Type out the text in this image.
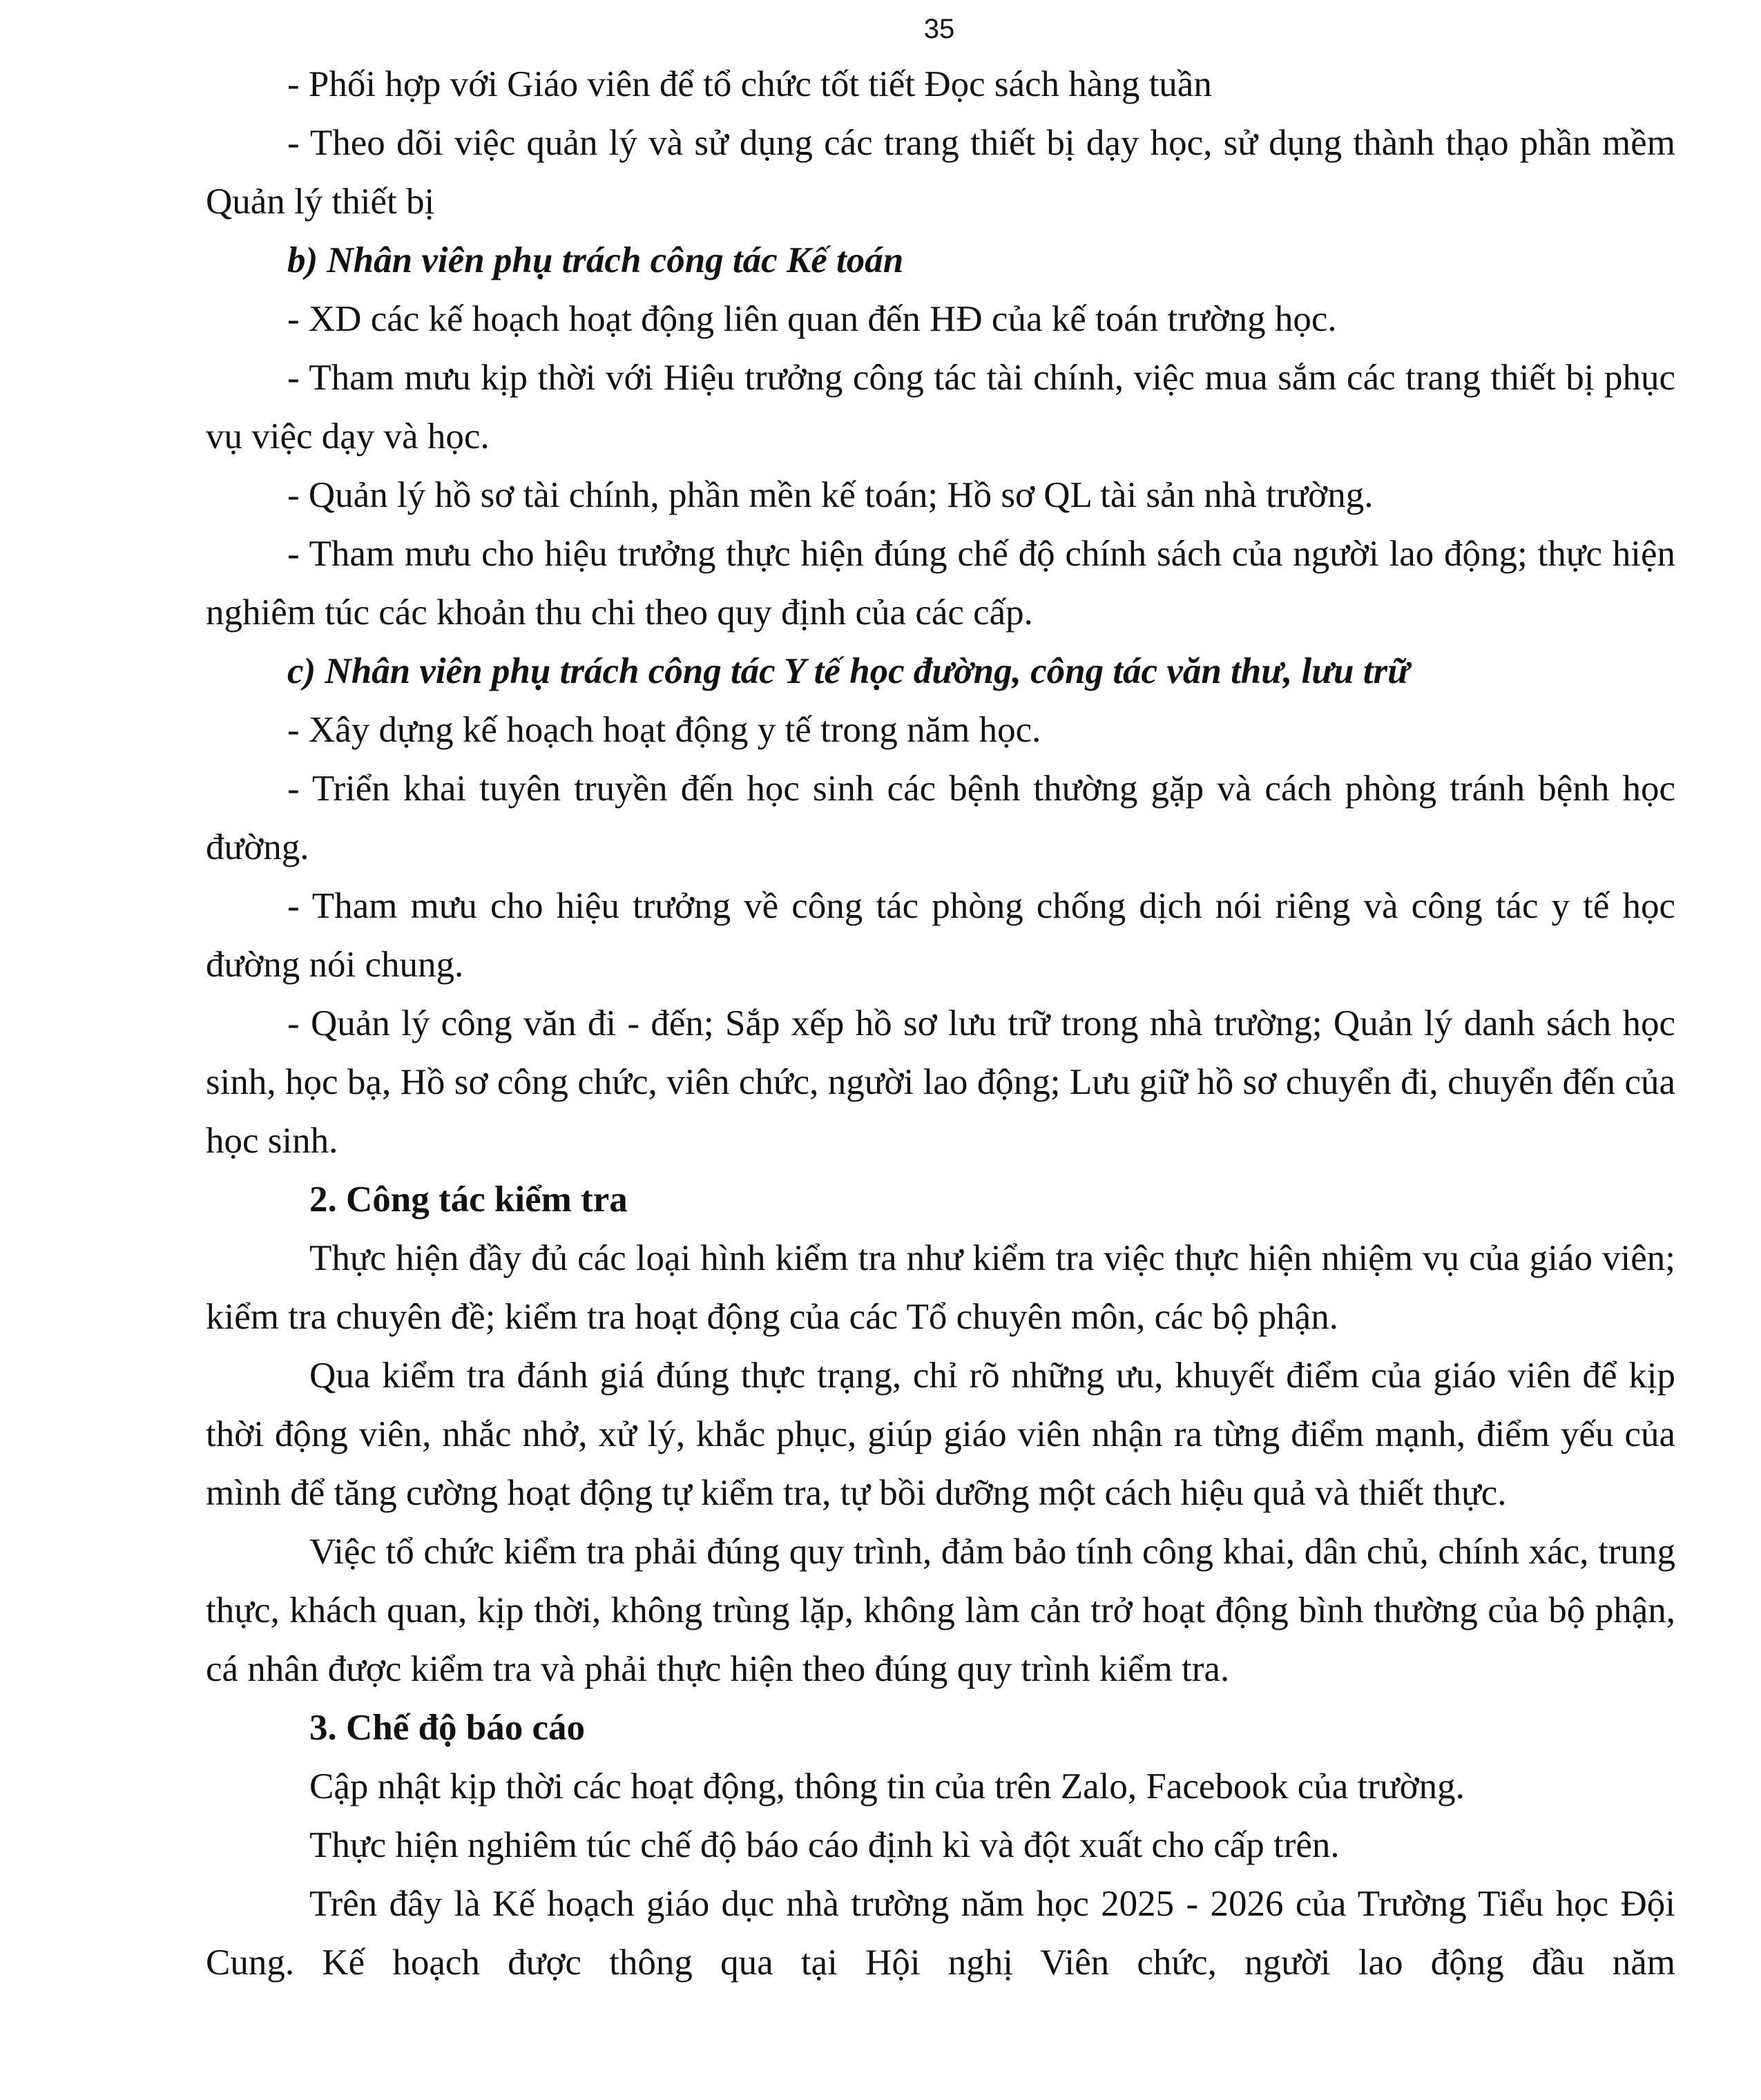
35

- Phối hợp với Giáo viên để tổ chức tốt tiết Đọc sách hàng tuần

- Theo dõi việc quản lý và sử dụng các trang thiết bị dạy học, sử dụng thành thạo phần mềm Quản lý thiết bị

b) Nhân viên phụ trách công tác Kế toán

- XD các kế hoạch hoạt động liên quan đến HĐ của kế toán trường học.

- Tham mưu kịp thời với Hiệu trưởng công tác tài chính, việc mua sắm các trang thiết bị phục vụ việc dạy và học.

- Quản lý hồ sơ tài chính, phần mền kế toán; Hồ sơ QL tài sản nhà trường.

- Tham mưu cho hiệu trưởng thực hiện đúng chế độ chính sách của người lao động; thực hiện nghiêm túc các khoản thu chi theo quy định của các cấp.

c) Nhân viên phụ trách công tác Y tế học đường, công tác văn thư, lưu trữ

- Xây dựng kế hoạch hoạt động y tế trong năm học.

- Triển khai tuyên truyền đến học sinh các bệnh thường gặp và cách phòng tránh bệnh học đường.

- Tham mưu cho hiệu trưởng về công tác phòng chống dịch nói riêng và công tác y tế học đường nói chung.

- Quản lý công văn đi - đến; Sắp xếp hồ sơ lưu trữ trong nhà trường; Quản lý danh sách học sinh, học bạ, Hồ sơ công chức, viên chức, người lao động; Lưu giữ hồ sơ chuyển đi, chuyển đến của học sinh.

2. Công tác kiểm tra

Thực hiện đầy đủ các loại hình kiểm tra như kiểm tra việc thực hiện nhiệm vụ của giáo viên; kiểm tra chuyên đề; kiểm tra hoạt động của các Tổ chuyên môn, các bộ phận.

Qua kiểm tra đánh giá đúng thực trạng, chỉ rõ những ưu, khuyết điểm của giáo viên để kịp thời động viên, nhắc nhở, xử lý, khắc phục, giúp giáo viên nhận ra từng điểm mạnh, điểm yếu của mình để tăng cường hoạt động tự kiểm tra, tự bồi dưỡng một cách hiệu quả và thiết thực.

Việc tổ chức kiểm tra phải đúng quy trình, đảm bảo tính công khai, dân chủ, chính xác, trung thực, khách quan, kịp thời, không trùng lặp, không làm cản trở hoạt động bình thường của bộ phận, cá nhân được kiểm tra và phải thực hiện theo đúng quy trình kiểm tra.

3. Chế độ báo cáo

Cập nhật kịp thời các hoạt động, thông tin của trên Zalo, Facebook của trường.

Thực hiện nghiêm túc chế độ báo cáo định kì và đột xuất cho cấp trên.

Trên đây là Kế hoạch giáo dục nhà trường năm học 2025 - 2026 của Trường Tiểu học Đội Cung. Kế hoạch được thông qua tại Hội nghị Viên chức, người lao động đầu năm
